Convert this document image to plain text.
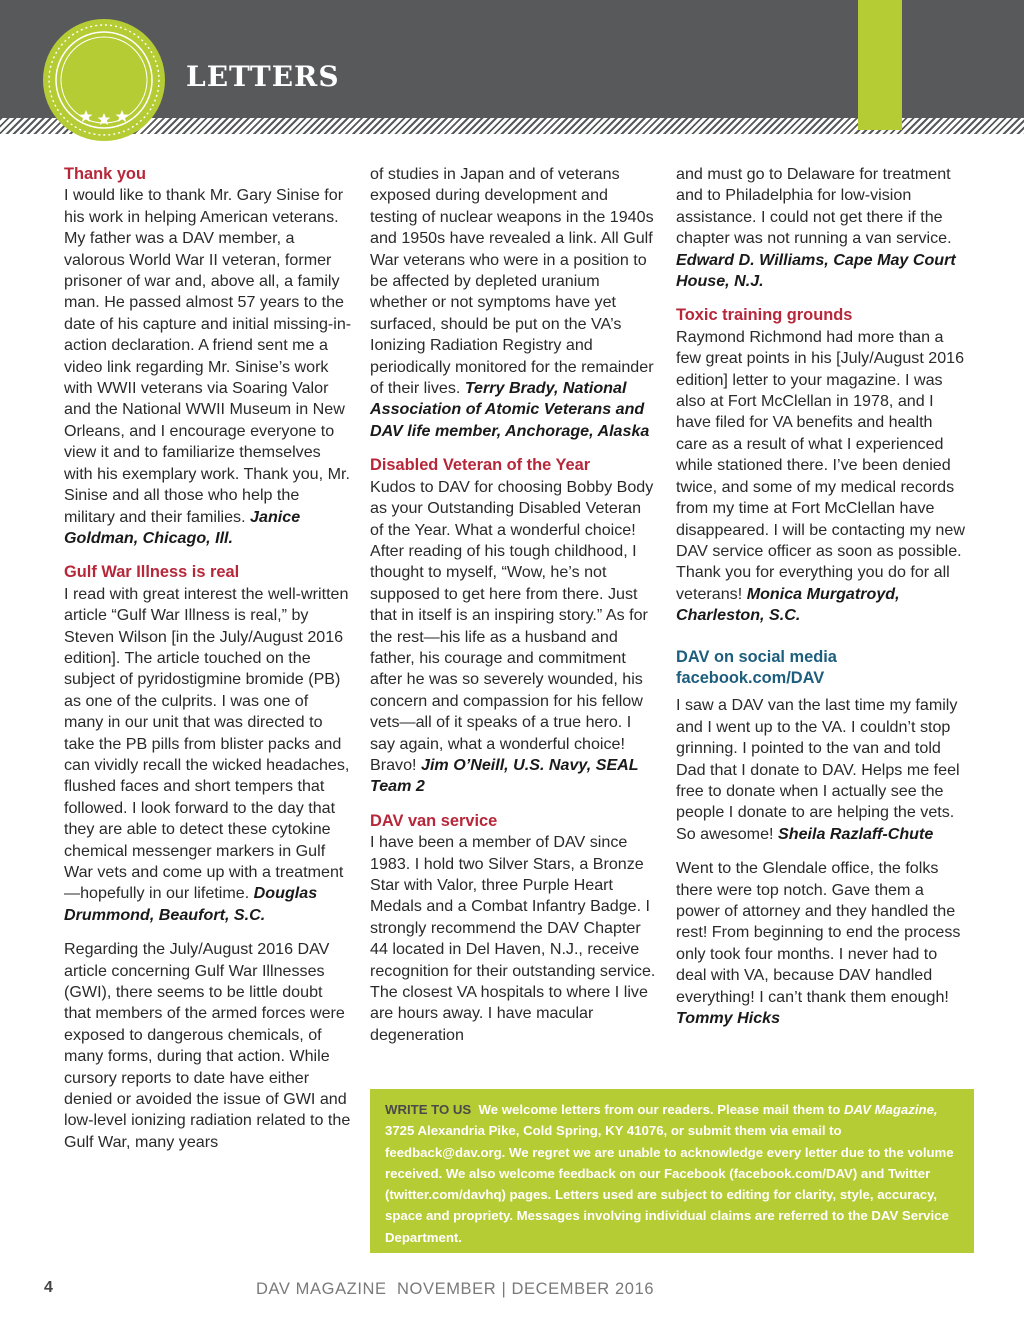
LETTERS

Thank you
I would like to thank Mr. Gary Sinise for his work in helping American veterans. My father was a DAV member, a valorous World War II veteran, former prisoner of war and, above all, a family man. He passed almost 57 years to the date of his capture and initial missing-in-action declaration. A friend sent me a video link regarding Mr. Sinise’s work with WWII veterans via Soaring Valor and the National WWII Museum in New Orleans, and I encourage everyone to view it and to familiarize themselves with his exemplary work. Thank you, Mr. Sinise and all those who help the military and their families. Janice Goldman, Chicago, Ill.

Gulf War Illness is real
I read with great interest the well-written article “Gulf War Illness is real,” by Steven Wilson [in the July/August 2016 edition]. The article touched on the subject of pyridostigmine bromide (PB) as one of the culprits. I was one of many in our unit that was directed to take the PB pills from blister packs and can vividly recall the wicked headaches, flushed faces and short tempers that followed. I look forward to the day that they are able to detect these cytokine chemical messenger markers in Gulf War vets and come up with a treatment—hopefully in our lifetime. Douglas Drummond, Beaufort, S.C.

Regarding the July/August 2016 DAV article concerning Gulf War Illnesses (GWI), there seems to be little doubt that members of the armed forces were exposed to dangerous chemicals, of many forms, during that action. While cursory reports to date have either denied or avoided the issue of GWI and low-level ionizing radiation related to the Gulf War, many years

of studies in Japan and of veterans exposed during development and testing of nuclear weapons in the 1940s and 1950s have revealed a link. All Gulf War veterans who were in a position to be affected by depleted uranium whether or not symptoms have yet surfaced, should be put on the VA’s Ionizing Radiation Registry and periodically monitored for the remainder of their lives. Terry Brady, National Association of Atomic Veterans and DAV life member, Anchorage, Alaska

Disabled Veteran of the Year
Kudos to DAV for choosing Bobby Body as your Outstanding Disabled Veteran of the Year. What a wonderful choice! After reading of his tough childhood, I thought to myself, “Wow, he’s not supposed to get here from there. Just that in itself is an inspiring story.” As for the rest—his life as a husband and father, his courage and commitment after he was so severely wounded, his concern and compassion for his fellow vets—all of it speaks of a true hero. I say again, what a wonderful choice! Bravo! Jim O’Neill, U.S. Navy, SEAL Team 2

DAV van service
I have been a member of DAV since 1983. I hold two Silver Stars, a Bronze Star with Valor, three Purple Heart Medals and a Combat Infantry Badge. I strongly recommend the DAV Chapter 44 located in Del Haven, N.J., receive recognition for their outstanding service. The closest VA hospitals to where I live are hours away. I have macular degeneration

and must go to Delaware for treatment and to Philadelphia for low-vision assistance. I could not get there if the chapter was not running a van service. Edward D. Williams, Cape May Court House, N.J.

Toxic training grounds
Raymond Richmond had more than a few great points in his [July/August 2016 edition] letter to your magazine. I was also at Fort McClellan in 1978, and I have filed for VA benefits and health care as a result of what I experienced while stationed there. I’ve been denied twice, and some of my medical records from my time at Fort McClellan have disappeared. I will be contacting my new DAV service officer as soon as possible. Thank you for everything you do for all veterans! Monica Murgatroyd, Charleston, S.C.

DAV on social media
facebook.com/DAV

I saw a DAV van the last time my family and I went up to the VA. I couldn’t stop grinning. I pointed to the van and told Dad that I donate to DAV. Helps me feel free to donate when I actually see the people I donate to are helping the vets. So awesome! Sheila Razlaff-Chute

Went to the Glendale office, the folks there were top notch. Gave them a power of attorney and they handled the rest! From beginning to end the process only took four months. I never had to deal with VA, because DAV handled everything! I can’t thank them enough! Tommy Hicks

WRITE TO US We welcome letters from our readers. Please mail them to DAV Magazine, 3725 Alexandria Pike, Cold Spring, KY 41076, or submit them via email to feedback@dav.org. We regret we are unable to acknowledge every letter due to the volume received. We also welcome feedback on our Facebook (facebook.com/DAV) and Twitter (twitter.com/davhq) pages. Letters used are subject to editing for clarity, style, accuracy, space and propriety. Messages involving individual claims are referred to the DAV Service Department.
4	DAV MAGAZINE  NOVEMBER | DECEMBER 2016
